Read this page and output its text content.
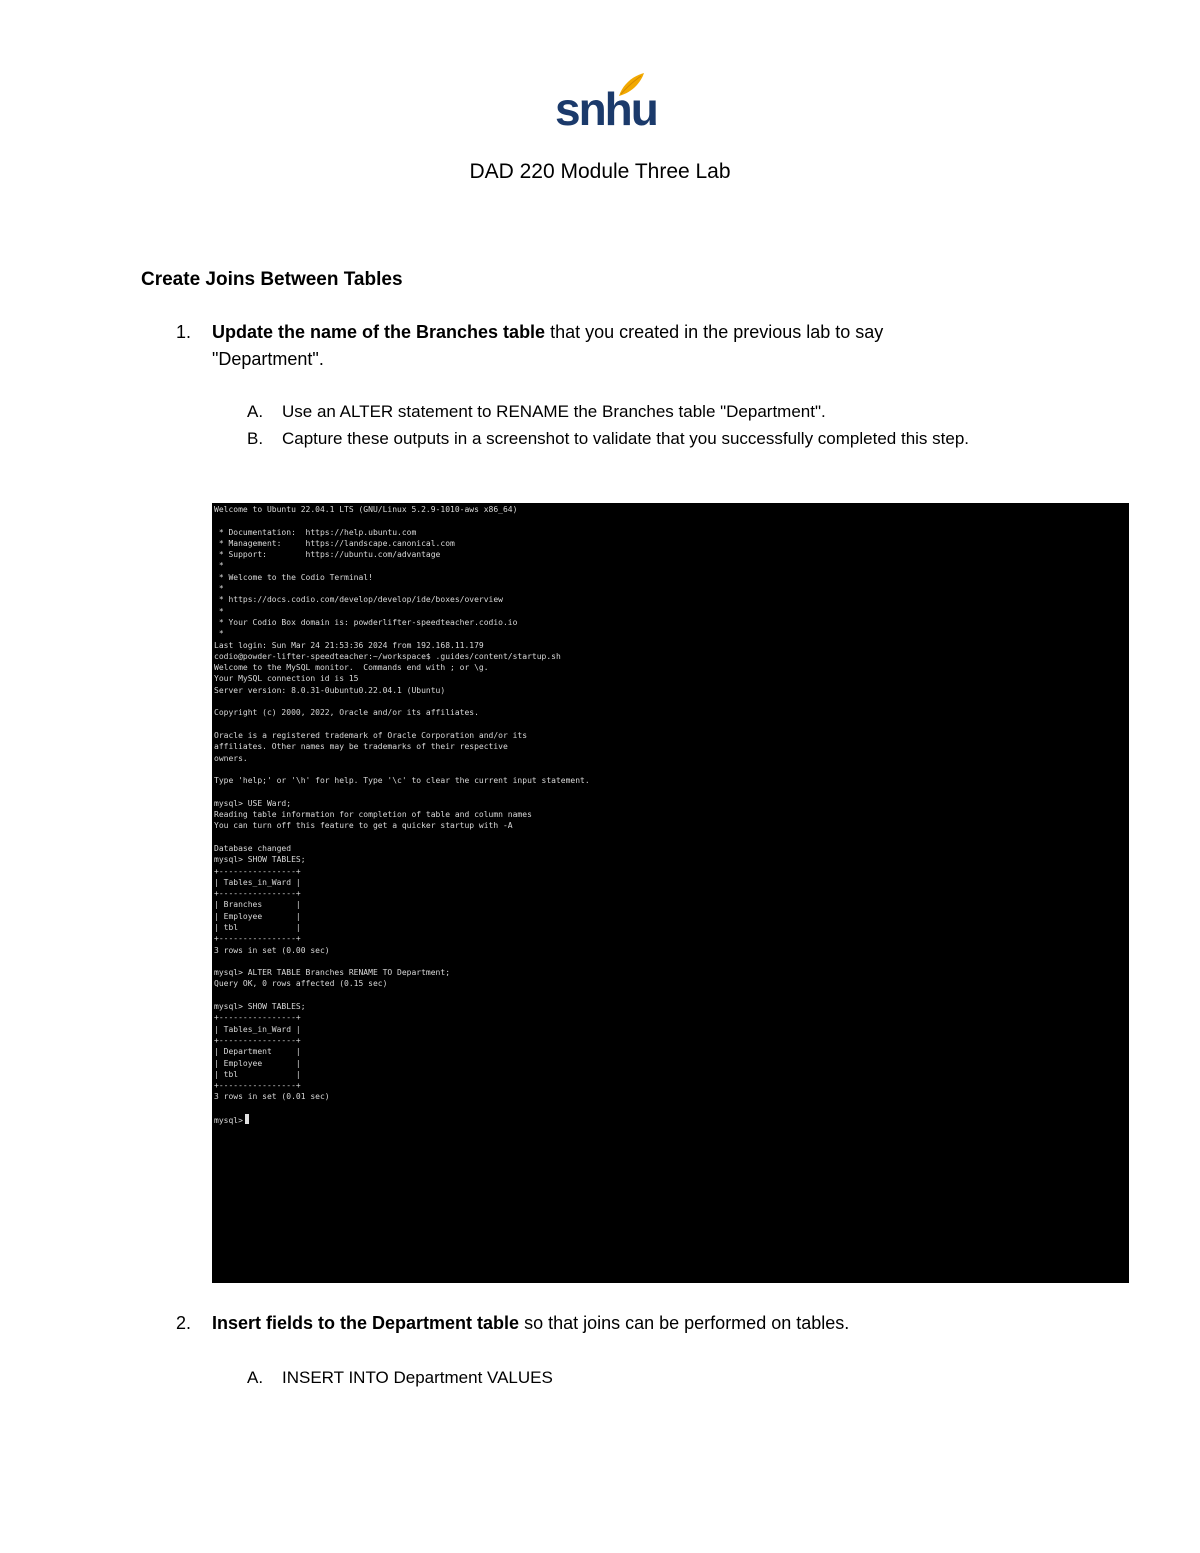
snhu
DAD 220 Module Three Lab
Create Joins Between Tables
1. Update the name of the Branches table that you created in the previous lab to say "Department".
A. Use an ALTER statement to RENAME the Branches table "Department".
B. Capture these outputs in a screenshot to validate that you successfully completed this step.
Welcome to Ubuntu 22.04.1 LTS (GNU/Linux 5.2.9-1010-aws x86_64)
* Documentation:  https://help.ubuntu.com
* Management:     https://landscape.canonical.com
* Support:        https://ubuntu.com/advantage
*
* Welcome to the Codio Terminal!
*
* https://docs.codio.com/develop/develop/ide/boxes/overview
*
* Your Codio Box domain is: powderlifter-speedteacher.codio.io
*
Last login: Sun Mar 24 21:53:36 2024 from 192.168.11.179
codio@powder-lifter-speedteacher:~/workspace$ .guides/content/startup.sh
Welcome to the MySQL monitor.  Commands end with ; or \g.
Your MySQL connection id is 15
Server version: 8.0.31-0ubuntu0.22.04.1 (Ubuntu)
Copyright (c) 2000, 2022, Oracle and/or its affiliates.
Oracle is a registered trademark of Oracle Corporation and/or its
affiliates. Other names may be trademarks of their respective
owners.
Type 'help;' or '\h' for help. Type '\c' to clear the current input statement.
mysql> USE Ward;
Reading table information for completion of table and column names
You can turn off this feature to get a quicker startup with -A
Database changed
mysql> SHOW TABLES;
+----------------+
| Tables_in_Ward |
+----------------+
| Branches       |
| Employee       |
| tbl            |
+----------------+
3 rows in set (0.00 sec)
mysql> ALTER TABLE Branches RENAME TO Department;
Query OK, 0 rows affected (0.15 sec)
mysql> SHOW TABLES;
+----------------+
| Tables_in_Ward |
+----------------+
| Department     |
| Employee       |
| tbl            |
+----------------+
3 rows in set (0.01 sec)
mysql>
2. Insert fields to the Department table so that joins can be performed on tables.
A. INSERT INTO Department VALUES
